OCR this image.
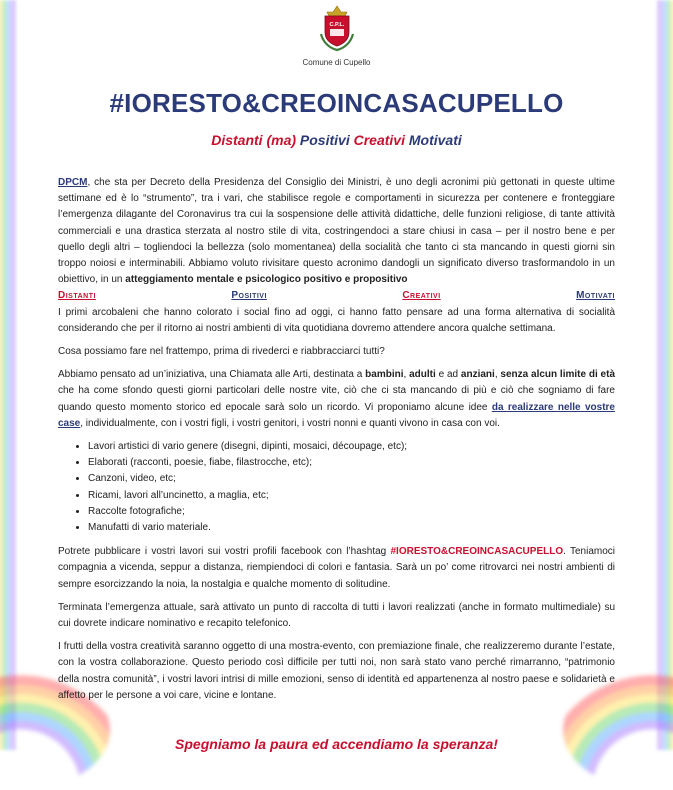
C.P.L.
Comune di Cupello
#IORESTO&CREOINCASACUPELLO
Distanti (ma) Positivi Creativi Motivati

DPCM, che sta per Decreto della Presidenza del Consiglio dei Ministri, è uno degli acronimi più gettonati in queste ultime settimane ed è lo “strumento”, tra i vari, che stabilisce regole e comportamenti in sicurezza per contenere e fronteggiare l’emergenza dilagante del Coronavirus tra cui la sospensione delle attività didattiche, delle funzioni religiose, di tante attività commerciali e una drastica sterzata al nostro stile di vita, costringendoci a stare chiusi in casa – per il nostro bene e per quello degli altri – togliendoci la bellezza (solo momentanea) della socialità che tanto ci sta mancando in questi giorni sin troppo noiosi e interminabili. Abbiamo voluto rivisitare questo acronimo dandogli un significato diverso trasformandolo in un obiettivo, in un atteggiamento mentale e psicologico positivo e propositivo

Distanti	Positivi	Creativi	Motivati

I primi arcobaleni che hanno colorato i social fino ad oggi, ci hanno fatto pensare ad una forma alternativa di socialità considerando che per il ritorno ai nostri ambienti di vita quotidiana dovremo attendere ancora qualche settimana.

Cosa possiamo fare nel frattempo, prima di rivederci e riabbracciarci tutti?

Abbiamo pensato ad un’iniziativa, una Chiamata alle Arti, destinata a bambini, adulti e ad anziani, senza alcun limite di età che ha come sfondo questi giorni particolari delle nostre vite, ciò che ci sta mancando di più e ciò che sogniamo di fare quando questo momento storico ed epocale sarà solo un ricordo. Vi proponiamo alcune idee da realizzare nelle vostre case, individualmente, con i vostri figli, i vostri genitori, i vostri nonni e quanti vivono in casa con voi.

• Lavori artistici di vario genere (disegni, dipinti, mosaici, découpage, etc);
• Elaborati (racconti, poesie, fiabe, filastrocche, etc);
• Canzoni, video, etc;
• Ricami, lavori all’uncinetto, a maglia, etc;
• Raccolte fotografiche;
• Manufatti di vario materiale.

Potrete pubblicare i vostri lavori sui vostri profili facebook con l’hashtag #IORESTO&CREOINCASACUPELLO. Teniamoci compagnia a vicenda, seppur a distanza, riempiendoci di colori e fantasia. Sarà un po’ come ritrovarci nei nostri ambienti di sempre esorcizzando la noia, la nostalgia e qualche momento di solitudine.

Terminata l’emergenza attuale, sarà attivato un punto di raccolta di tutti i lavori realizzati (anche in formato multimediale) su cui dovrete indicare nominativo e recapito telefonico.

I frutti della vostra creatività saranno oggetto di una mostra-evento, con premiazione finale, che realizzeremo durante l’estate, con la vostra collaborazione. Questo periodo così difficile per tutti noi, non sarà stato vano perché rimarranno, “patrimonio della nostra comunità”, i vostri lavori intrisi di mille emozioni, senso di identità ed appartenenza al nostro paese e solidarietà e affetto per le persone a voi care, vicine e lontane.

Spegniamo la paura ed accendiamo la speranza!
